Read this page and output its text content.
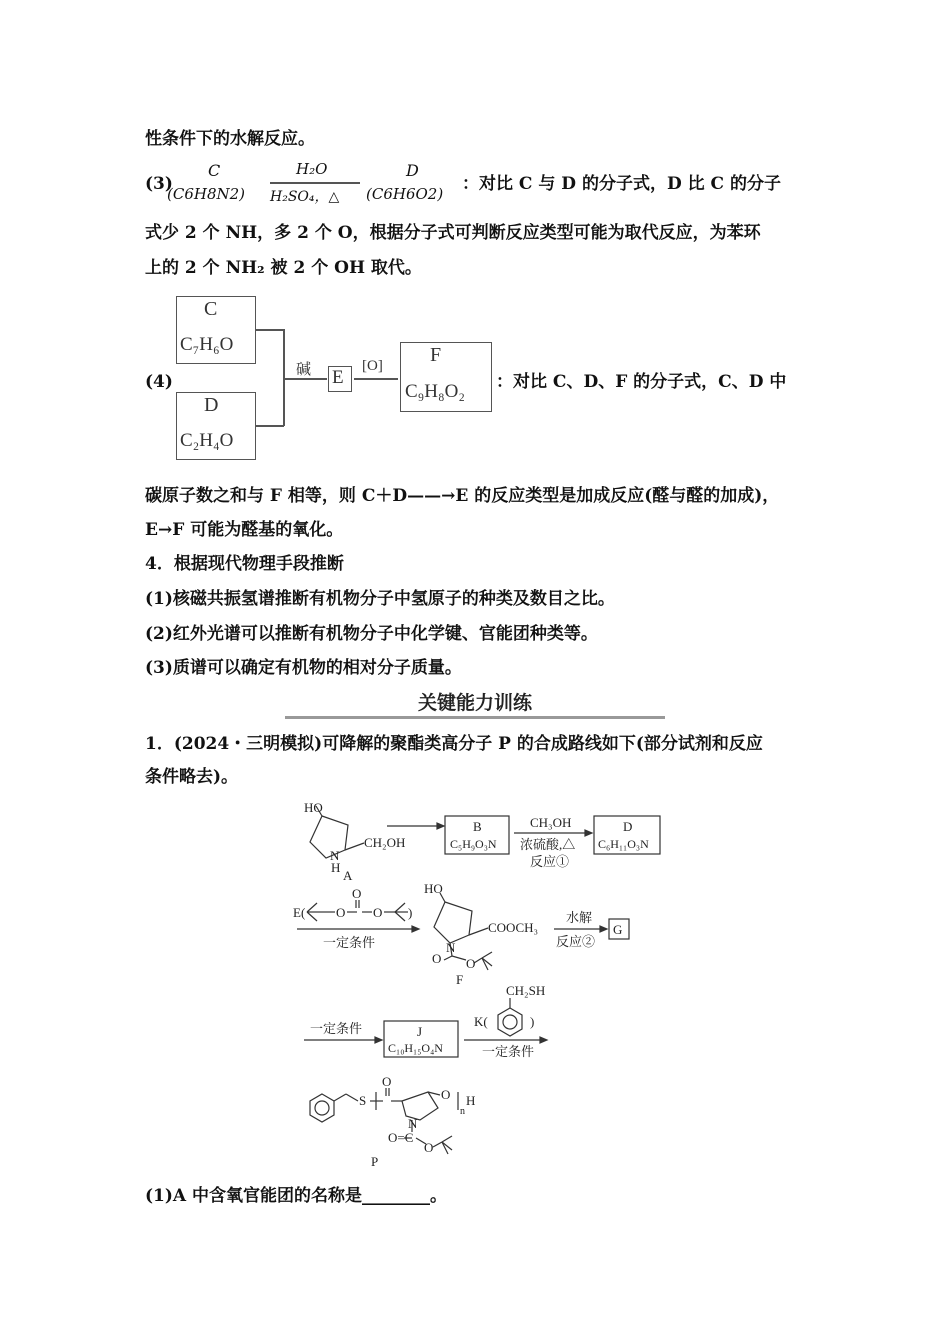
性条件下的水解反应。
(3)
C
(C6H8N2)
H₂O
H₂SO₄，△
D
(C6H6O2) ：对比 C 与 D 的分子式，D 比 C 的分子
式少 2 个 NH，多 2 个 O，根据分子式可判断反应类型可能为取代反应，为苯环
上的 2 个 NH₂ 被 2 个 OH 取代。
(4)
C
C₇H₆O
D
C₂H₄O
碱 E
[O] F
C₉H₈O₂ ：对比 C、D、F 的分子式，C、D 中
碳原子数之和与 F 相等，则 C＋D——→E 的反应类型是加成反应(醛与醛的加成)，
E→F 可能为醛基的氧化。
4．根据现代物理手段推断
(1)核磁共振氢谱推断有机物分子中氢原子的种类及数目之比。
(2)红外光谱可以推断有机物分子中化学键、官能团种类等。
(3)质谱可以确定有机物的相对分子质量。
关键能力训练
1．(2024・三明模拟)可降解的聚酯类高分子 P 的合成路线如下(部分试剂和反应
条件略去)。
HO
CH₂OH
N
H
A
B
C₅H₉O₃N
CH₃OH
浓硫酸,△
反应①
D
C₆H₁₁O₃N
E( O
O
O )
一定条件
HO
COOCH₃
N
O O
F
水解
反应②
G
一定条件	J
C₁₀H₁₅O₄N
K(
CH₂SH
)
一定条件
S
O
O
n
H
N
O=C
O
P
(1)A 中含氧官能团的名称是________。
